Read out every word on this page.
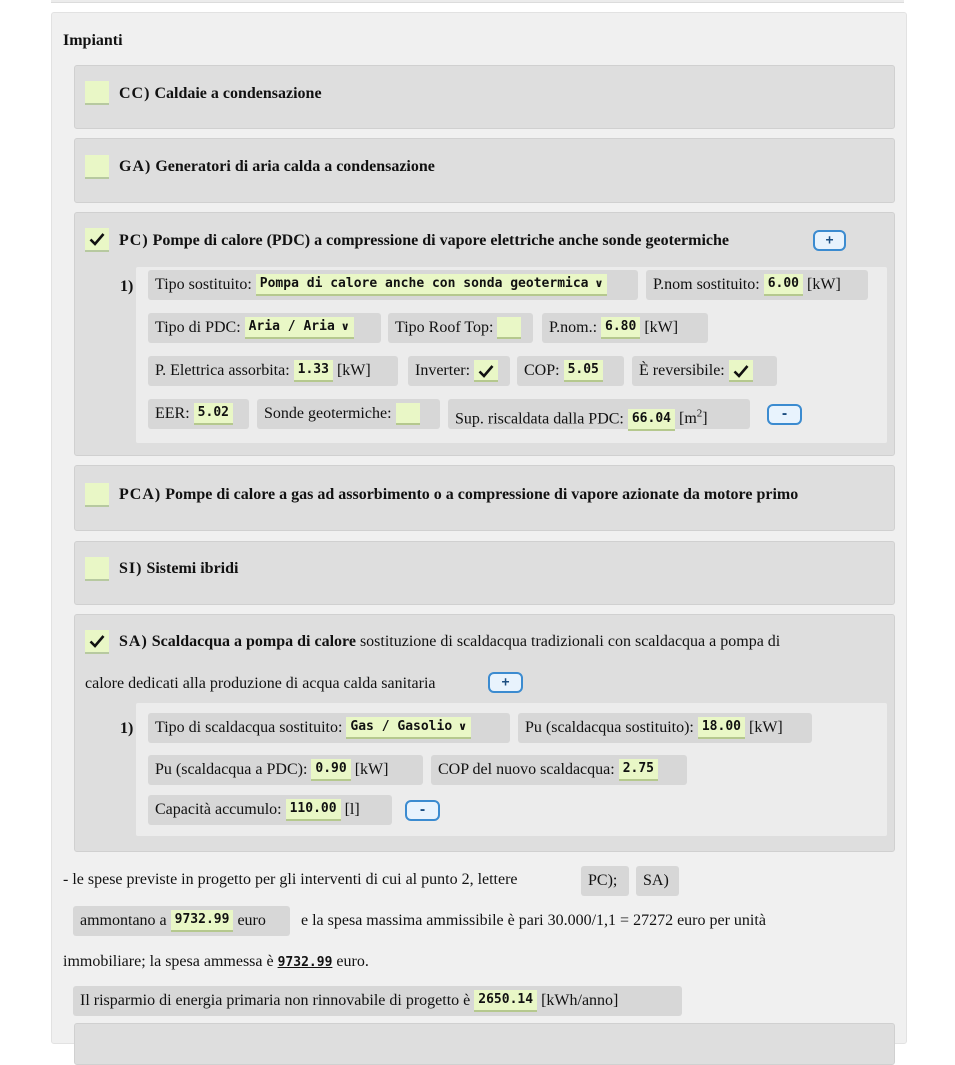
Impianti
CC) Caldaie a condensazione
GA) Generatori di aria calda a condensazione
PC) Pompe di calore (PDC) a compressione di vapore elettriche anche sonde geotermiche	+
1)	Tipo sostituito: Pompa di calore anche con sonda geotermica ∨	P.nom sostituito: 6.00 [kW]
Tipo di PDC: Aria / Aria ∨	Tipo Roof Top:	P.nom.: 6.80 [kW]
P. Elettrica assorbita: 1.33 [kW]	Inverter:	COP: 5.05	È reversibile:
EER: 5.02	Sonde geotermiche:	Sup. riscaldata dalla PDC: 66.04 $[m^2]$	-
PCA) Pompe di calore a gas ad assorbimento o a compressione di vapore azionate da motore primo
SI) Sistemi ibridi
SA) Scaldacqua a pompa di calore sostituzione di scaldacqua tradizionali con scaldacqua a pompa di
calore dedicati alla produzione di acqua calda sanitaria	+
1)	Tipo di scaldacqua sostituito: Gas / Gasolio ∨	Pu (scaldacqua sostituito): 18.00 [kW]
Pu (scaldacqua a PDC): 0.90 [kW]	COP del nuovo scaldacqua: 2.75
Capacità accumulo: 110.00 [l]	-
- le spese previste in progetto per gli interventi di cui al punto 2, lettere	PC);	SA)
ammontano a 9732.99 euro	e la spesa massima ammissibile è pari 30.000/1,1 = 27272 euro per unità
immobiliare; la spesa ammessa è 9732.99 euro.
Il risparmio di energia primaria non rinnovabile di progetto è 2650.14 [kWh/anno]
